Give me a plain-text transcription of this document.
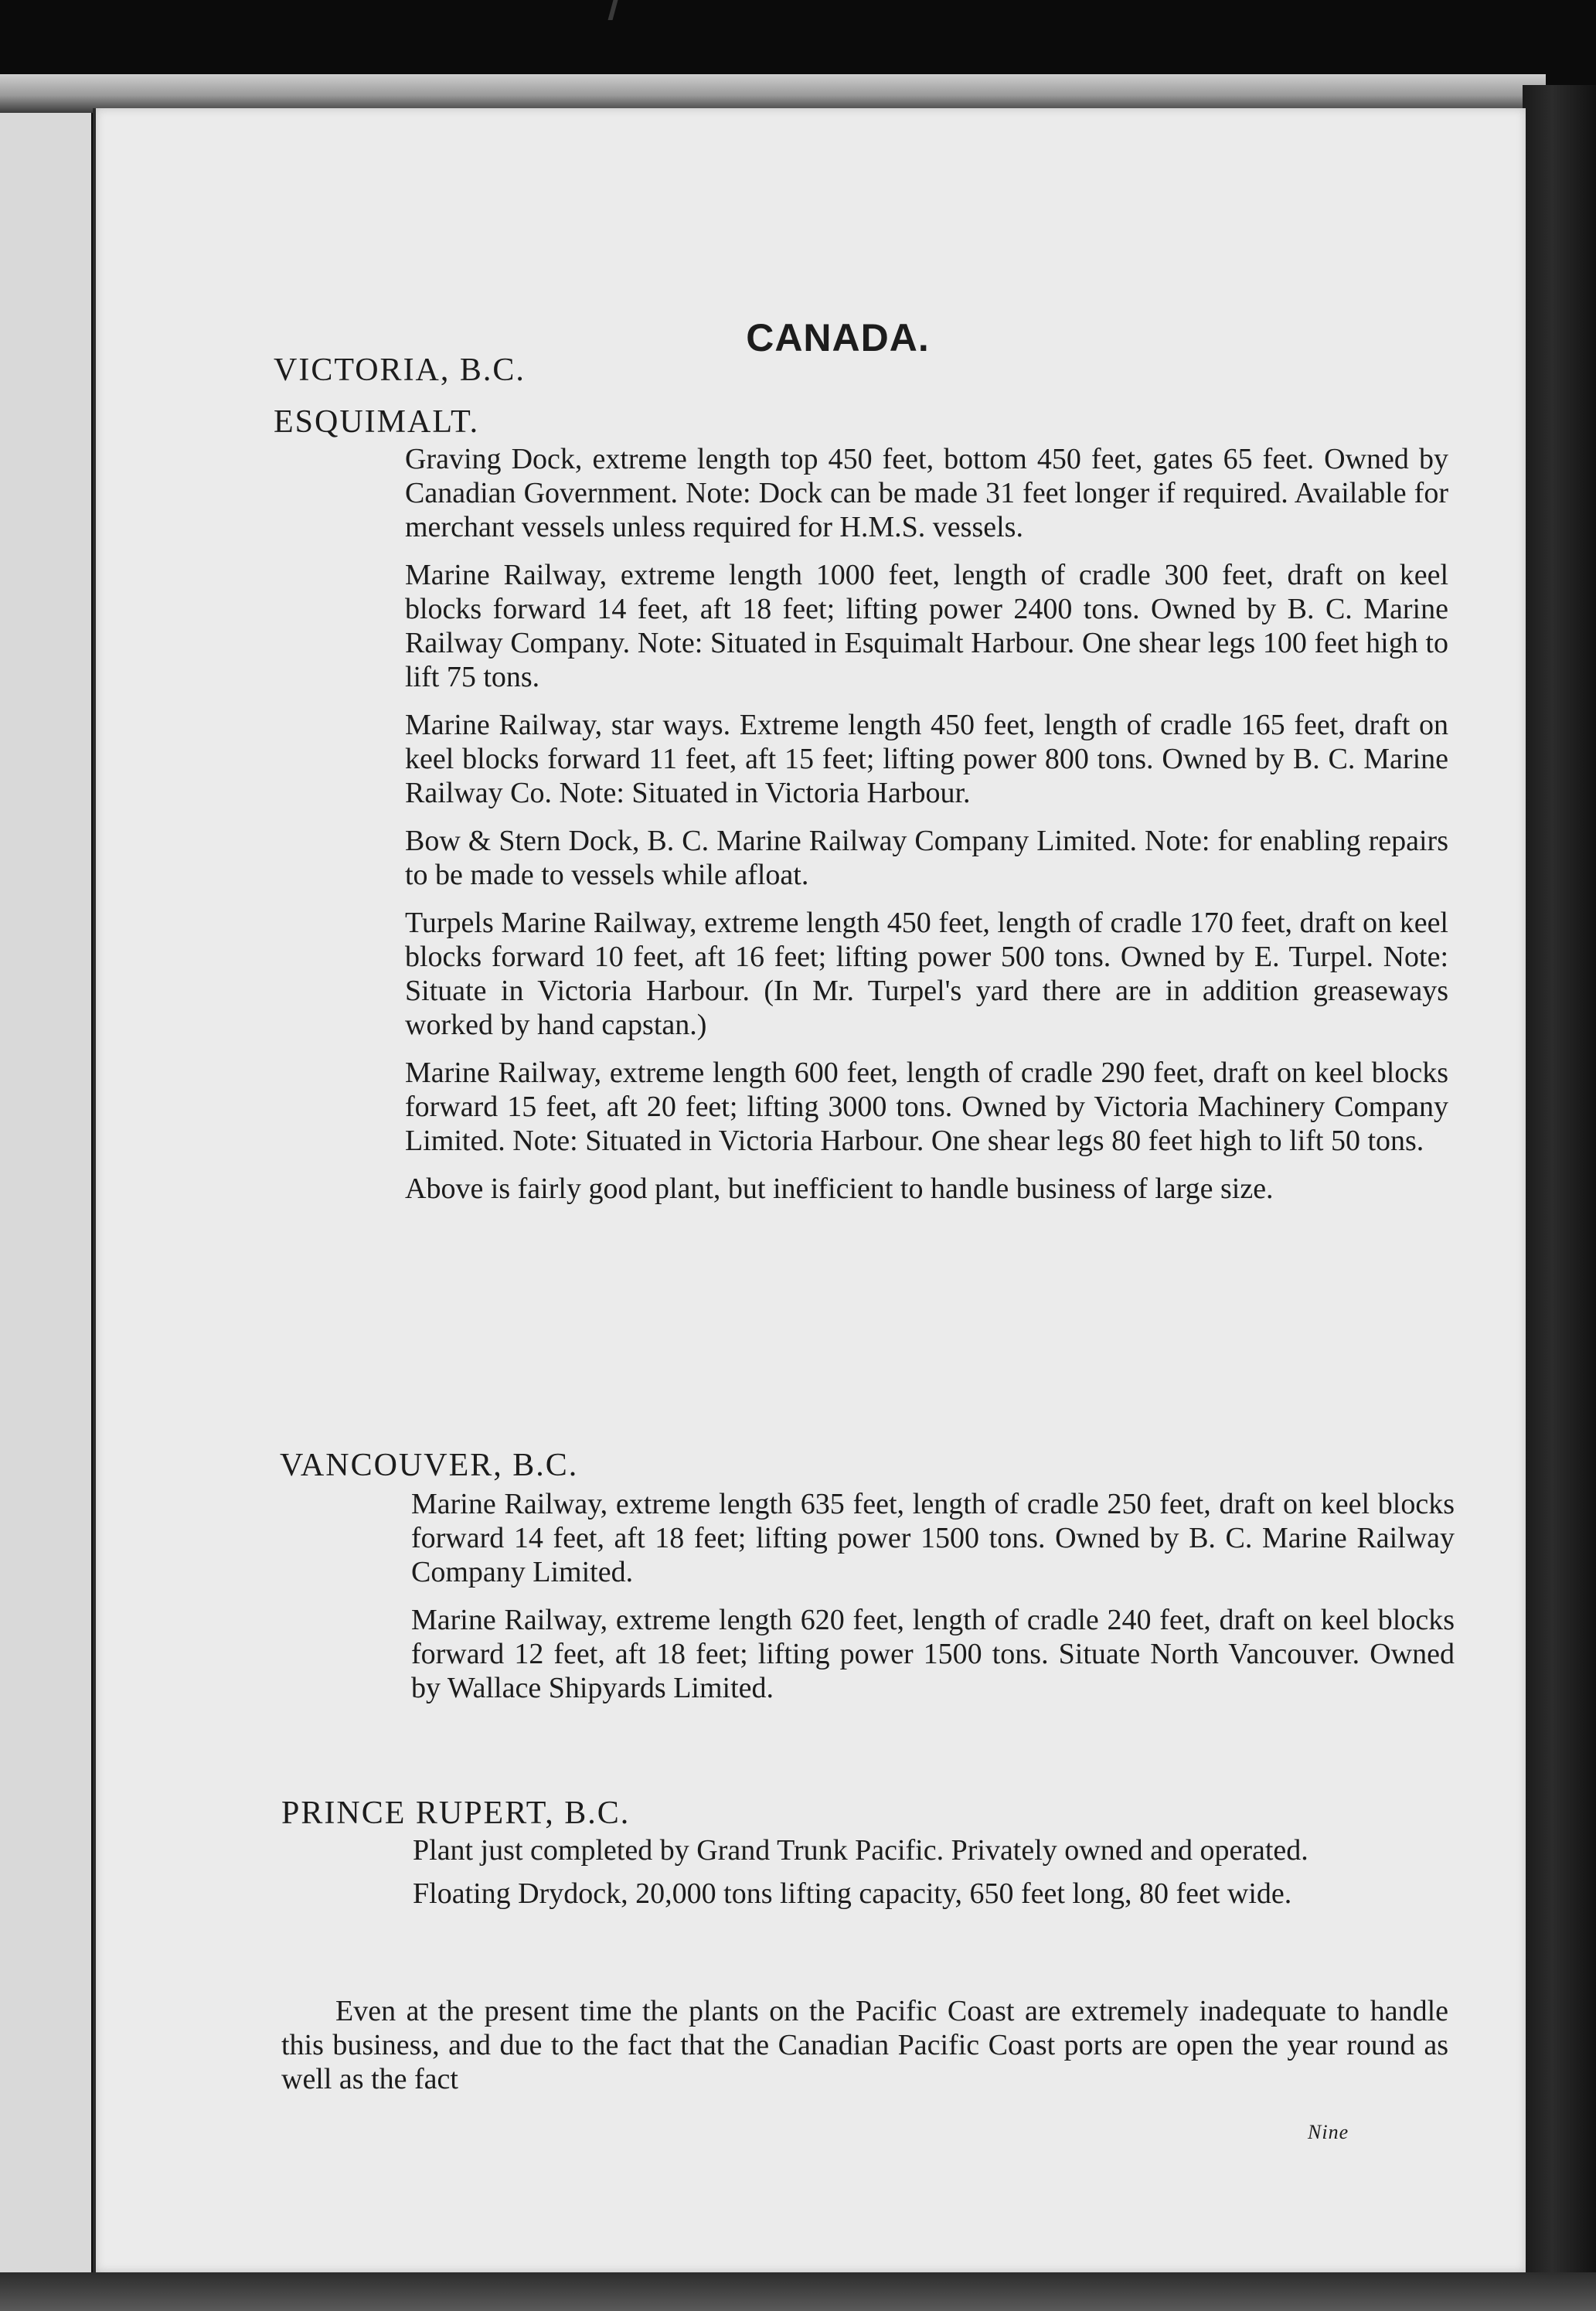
CANADA.
VICTORIA, B.C.
ESQUIMALT.

Graving Dock, extreme length top 450 feet, bottom 450 feet, gates 65 feet. Owned by Canadian Government. Note: Dock can be made 31 feet longer if required. Available for merchant vessels unless required for H.M.S. vessels.

Marine Railway, extreme length 1000 feet, length of cradle 300 feet, draft on keel blocks forward 14 feet, aft 18 feet; lifting power 2400 tons. Owned by B. C. Marine Railway Company. Note: Situated in Esquimalt Harbour. One shear legs 100 feet high to lift 75 tons.

Marine Railway, star ways. Extreme length 450 feet, length of cradle 165 feet, draft on keel blocks forward 11 feet, aft 15 feet; lifting power 800 tons. Owned by B. C. Marine Railway Co. Note: Situated in Victoria Harbour.

Bow & Stern Dock, B. C. Marine Railway Company Limited. Note: for enabling repairs to be made to vessels while afloat.

Turpels Marine Railway, extreme length 450 feet, length of cradle 170 feet, draft on keel blocks forward 10 feet, aft 16 feet; lifting power 500 tons. Owned by E. Turpel. Note: Situate in Victoria Harbour. (In Mr. Turpel's yard there are in addition greaseways worked by hand capstan.)

Marine Railway, extreme length 600 feet, length of cradle 290 feet, draft on keel blocks forward 15 feet, aft 20 feet; lifting 3000 tons. Owned by Victoria Machinery Company Limited. Note: Situated in Victoria Harbour. One shear legs 80 feet high to lift 50 tons.

Above is fairly good plant, but inefficient to handle business of large size.

VANCOUVER, B.C.

Marine Railway, extreme length 635 feet, length of cradle 250 feet, draft on keel blocks forward 14 feet, aft 18 feet; lifting power 1500 tons. Owned by B. C. Marine Railway Company Limited.

Marine Railway, extreme length 620 feet, length of cradle 240 feet, draft on keel blocks forward 12 feet, aft 18 feet; lifting power 1500 tons. Situate North Vancouver. Owned by Wallace Shipyards Limited.

PRINCE RUPERT, B.C.

Plant just completed by Grand Trunk Pacific. Privately owned and operated.

Floating Drydock, 20,000 tons lifting capacity, 650 feet long, 80 feet wide.

Even at the present time the plants on the Pacific Coast are extremely inadequate to handle this business, and due to the fact that the Canadian Pacific Coast ports are open the year round as well as the fact

Nine
